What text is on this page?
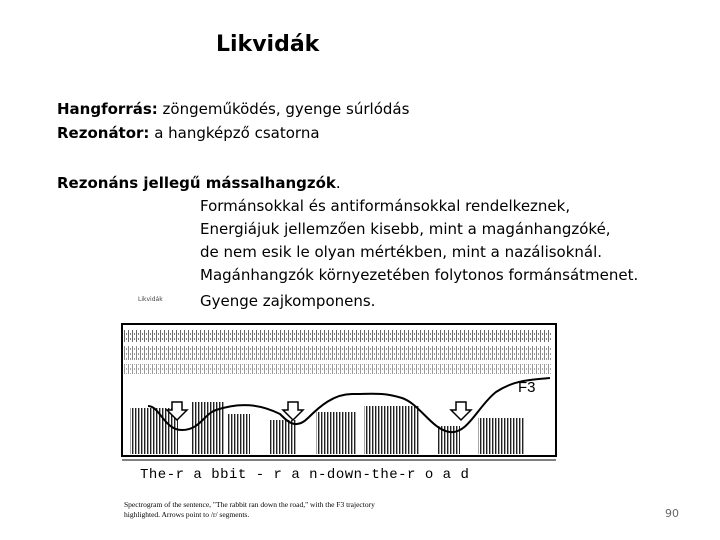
Likvidák
Hangforrás: zöngeműködés, gyenge súrlódás
Rezonátor: a hangképző csatorna
Rezonáns jellegű mássalhangzók.
Formánsokkal és antiformánsokkal rendelkeznek,
Energiájuk jellemzően kisebb, mint a magánhangzóké,
de nem esik le olyan mértékben, mint a nazálisoknál.
Magánhangzók környezetében folytonos formánsátmenet.
Gyenge zajkomponens.
Likvidák
F3
The-r a bbit - r a n-down-the-r o a d
Spectrogram of the sentence, "The rabbit ran down the road," with the F3 trajectory
highlighted. Arrows point to /r/ segments.	90
